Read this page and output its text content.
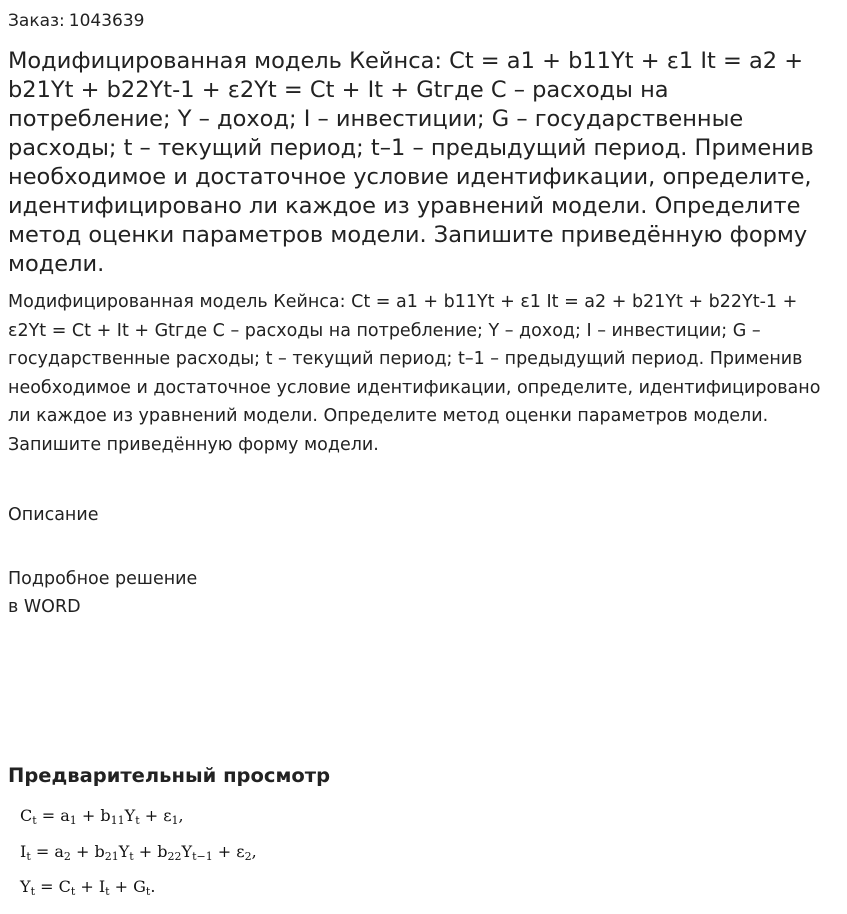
Заказ: 1043639
Модифицированная модель Кейнса: Ct = a1 + b11Yt + ε1 It = a2 + b21Yt + b22Yt-1 + ε2Yt = Ct + It + Gtгде C – расходы на потребление; Y – доход; I – инвестиции; G – государственные расходы; t – текущий период; t–1 – предыдущий период. Применив необходимое и достаточное условие идентификации, определите, идентифицировано ли каждое из уравнений модели. Определите метод оценки параметров модели. Запишите приведённую форму модели.

Модифицированная модель Кейнса: Ct = a1 + b11Yt + ε1 It = a2 + b21Yt + b22Yt-1 + ε2Yt = Ct + It + Gtгде C – расходы на потребление; Y – доход; I – инвестиции; G – государственные расходы; t – текущий период; t–1 – предыдущий период. Применив необходимое и достаточное условие идентификации, определите, идентифицировано ли каждое из уравнений модели. Определите метод оценки параметров модели. Запишите приведённую форму модели.

Описание
Подробное решение
в WORD
Предварительный просмотр
$C_t = a_1 + b_{11}Y_t + \varepsilon_1$,
$I_t = a_2 + b_{21}Y_t + b_{22}Y_{t-1} + \varepsilon_2$,
$Y_t = C_t + I_t + G_t$.
